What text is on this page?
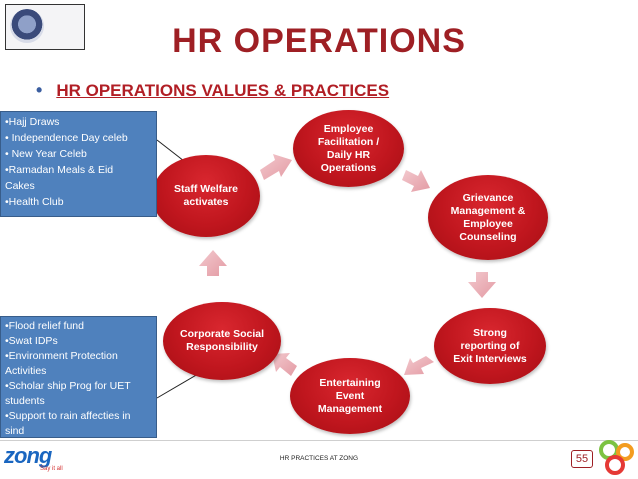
HR OPERATIONS
• HR OPERATIONS VALUES & PRACTICES
Employee
Facilitation /
Daily HR
Operations
Grievance
Management &
Employee
Counseling
Strong
reporting of
Exit Interviews
Entertaining
Event
Management
Corporate Social
Responsibility
Staff Welfare
activates
•Hajj Draws
• Independence Day celeb
• New Year Celeb
•Ramadan Meals & Eid
Cakes
•Health Club
•Flood relief fund
•Swat IDPs
•Environment Protection
Activities
•Scholar ship Prog for UET
students
•Support to rain affecties in
sind
zong
Say it all
HR PRACTICES AT ZONG	55
